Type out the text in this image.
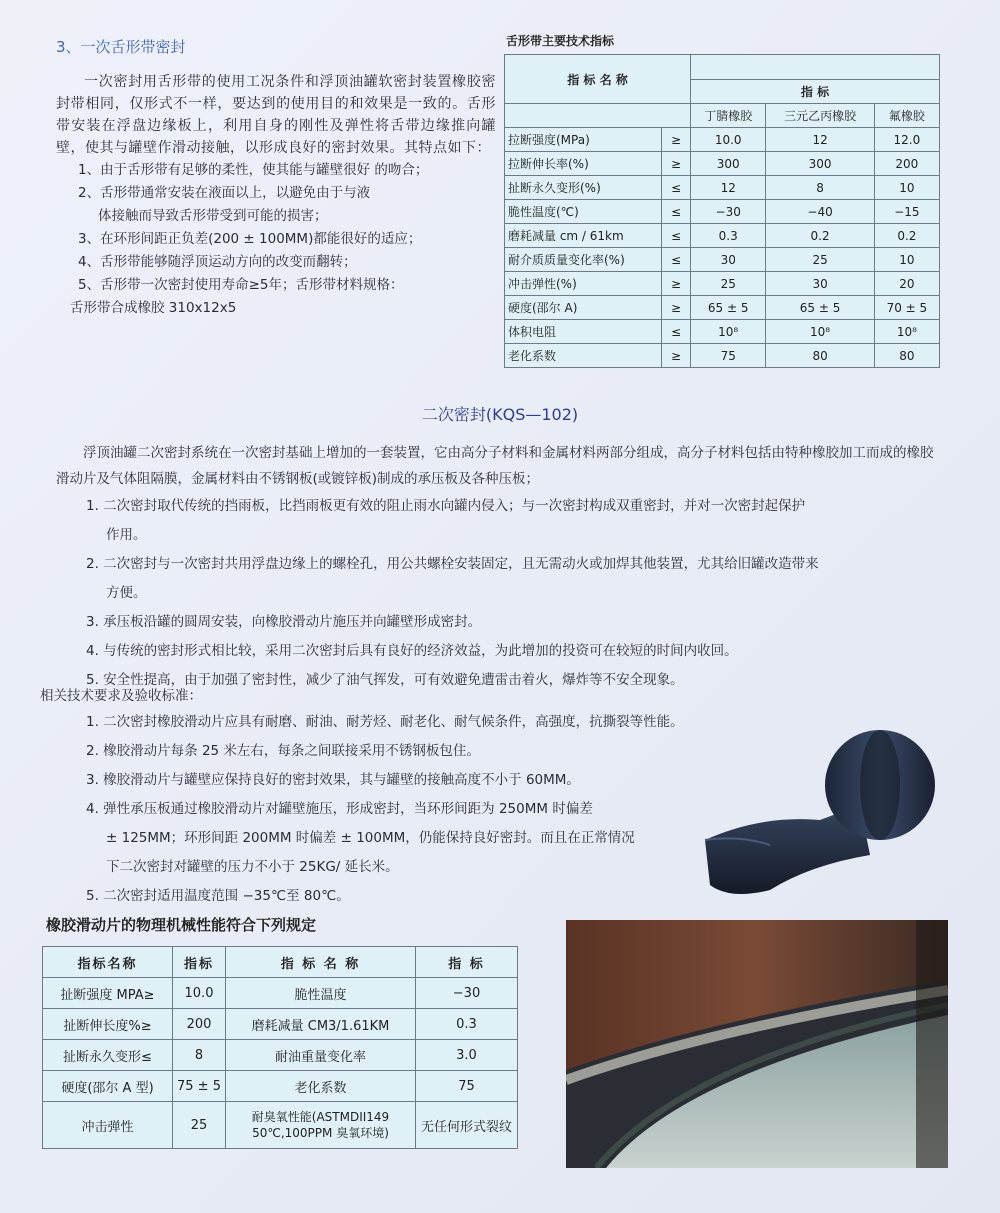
3、一次舌形带密封

一次密封用舌形带的使用工况条件和浮顶油罐软密封装置橡胶密封带相同，仅形式不一样，要达到的使用目的和效果是一致的。舌形带安装在浮盘边缘板上，利用自身的刚性及弹性将舌带边缘推向罐壁，使其与罐壁作滑动接触，以形成良好的密封效果。其特点如下：

1、由于舌形带有足够的柔性，使其能与罐壁很好 的吻合；
2、舌形带通常安装在液面以上，以避免由于与液
体接触而导致舌形带受到可能的损害；
3、在环形间距正负差(200 ± 100MM)都能很好的适应；
4、舌形带能够随浮顶运动方向的改变而翻转；
5、舌形带一次密封使用寿命≥5年；舌形带材料规格：
舌形带合成橡胶 310x12x5
舌形带主要技术指标
指 标 名 称				
		指 标		
		丁腈橡胶	三元乙丙橡胶	氟橡胶
拉断强度(MPa)	≥	10.0	12	12.0
拉断伸长率(%)	≥	300	300	200
扯断永久变形(%)	≤	12	8	10
脆性温度(℃)	≤	−30	−40	−15
磨耗减量 cm / 61km	≤	0.3	0.2	0.2
耐介质质量变化率(%)	≤	30	25	10
冲击弹性(%)	≥	25	30	20
硬度(邵尔 A)	≥	65 ± 5	65 ± 5	70 ± 5
体积电阻	≤	10⁸	10⁸	10⁸
老化系数	≥	75	80	80
二次密封(KQS—102)

浮顶油罐二次密封系统在一次密封基础上增加的一套装置，它由高分子材料和金属材料两部分组成，高分子材料包括由特种橡胶加工而成的橡胶滑动片及气体阻隔膜，金属材料由不锈钢板(或镀锌板)制成的承压板及各种压板；

1. 二次密封取代传统的挡雨板，比挡雨板更有效的阻止雨水向罐内侵入；与一次密封构成双重密封，并对一次密封起保护
作用。
2. 二次密封与一次密封共用浮盘边缘上的螺栓孔，用公共螺栓安装固定，且无需动火或加焊其他装置，尤其给旧罐改造带来
方便。
3. 承压板沿罐的圆周安装，向橡胶滑动片施压并向罐壁形成密封。
4. 与传统的密封形式相比较，采用二次密封后具有良好的经济效益，为此增加的投资可在较短的时间内收回。
5. 安全性提高，由于加强了密封性，减少了油气挥发，可有效避免遭雷击着火，爆炸等不安全现象。

相关技术要求及验收标准：

1. 二次密封橡胶滑动片应具有耐磨、耐油、耐芳烃、耐老化、耐气候条件，高强度，抗撕裂等性能。
2. 橡胶滑动片每条 25 米左右，每条之间联接采用不锈钢板包住。
3. 橡胶滑动片与罐壁应保持良好的密封效果，其与罐壁的接触高度不小于 60MM。
4. 弹性承压板通过橡胶滑动片对罐壁施压，形成密封，当环形间距为 250MM 时偏差
± 125MM；环形间距 200MM 时偏差 ± 100MM，仍能保持良好密封。而且在正常情况
下二次密封对罐壁的压力不小于 25KG/ 延长米。
5. 二次密封适用温度范围 −35℃至 80℃。
橡胶滑动片的物理机械性能符合下列规定
指标名称	指标	指 标 名 称	指 标
扯断强度 MPA≥	10.0	脆性温度	−30
扯断伸长度%≥	200	磨耗减量 CM3/1.61KM	0.3
扯断永久变形≤	8	耐油重量变化率	3.0
硬度(邵尔 A 型)	75 ± 5	老化系数	75
冲击弹性	25	耐臭氧性能(ASTMDII149
50℃,100PPM 臭氧环境)	无任何形式裂纹
